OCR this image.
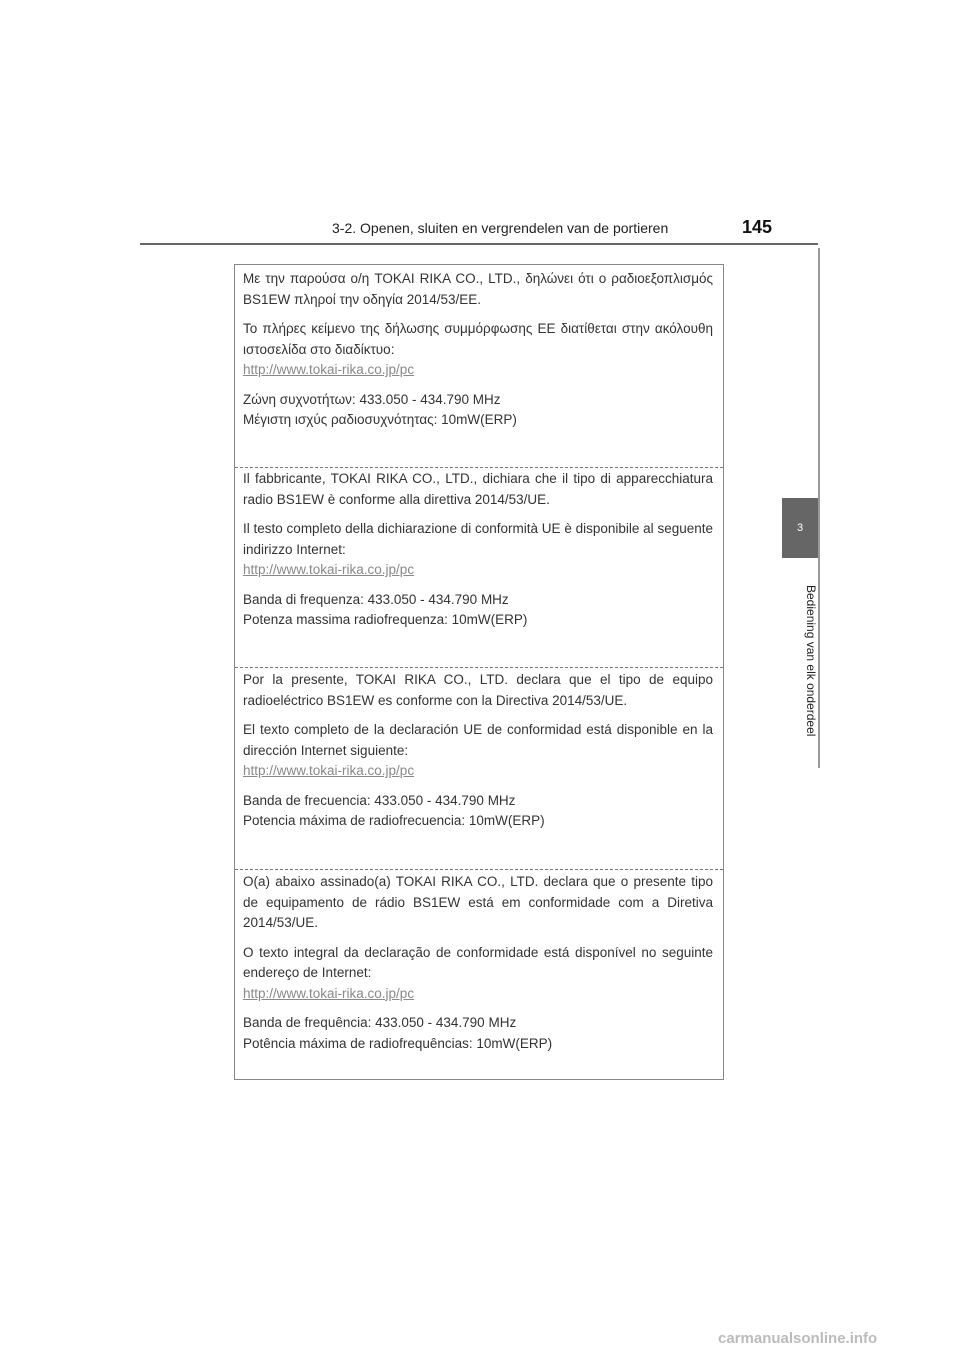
3-2. Openen, sluiten en vergrendelen van de portieren	145
3
Bediening van elk onderdeel

Με την παρούσα ο/η TOKAI RIKA CO., LTD., δηλώνει ότι ο ραδιοεξοπλισμός BS1EW πληροί την οδηγία 2014/53/ΕΕ.

Το πλήρες κείμενο της δήλωσης συμμόρφωσης ΕΕ διατίθεται στην ακόλουθη ιστοσελίδα στο διαδίκτυο:

http://www.tokai-rika.co.jp/pc

Ζώνη συχνοτήτων: 433.050 - 434.790 MHz

Μέγιστη ισχύς ραδιοσυχνότητας: 10mW(ERP)

Il fabbricante, TOKAI RIKA CO., LTD., dichiara che il tipo di apparecchiatura radio BS1EW è conforme alla direttiva 2014/53/UE.

Il testo completo della dichiarazione di conformità UE è disponibile al seguente indirizzo Internet:

http://www.tokai-rika.co.jp/pc

Banda di frequenza: 433.050 - 434.790 MHz

Potenza massima radiofrequenza: 10mW(ERP)

Por la presente, TOKAI RIKA CO., LTD. declara que el tipo de equipo radioeléctrico BS1EW es conforme con la Directiva 2014/53/UE.

El texto completo de la declaración UE de conformidad está disponible en la dirección Internet siguiente:

http://www.tokai-rika.co.jp/pc

Banda de frecuencia: 433.050 - 434.790 MHz

Potencia máxima de radiofrecuencia: 10mW(ERP)

O(a) abaixo assinado(a) TOKAI RIKA CO., LTD. declara que o presente tipo de equipamento de rádio BS1EW está em conformidade com a Diretiva 2014/53/UE.

O texto integral da declaração de conformidade está disponível no seguinte endereço de Internet:

http://www.tokai-rika.co.jp/pc

Banda de frequência: 433.050 - 434.790 MHz

Potência máxima de radiofrequências: 10mW(ERP)

carmanualsonline.info
